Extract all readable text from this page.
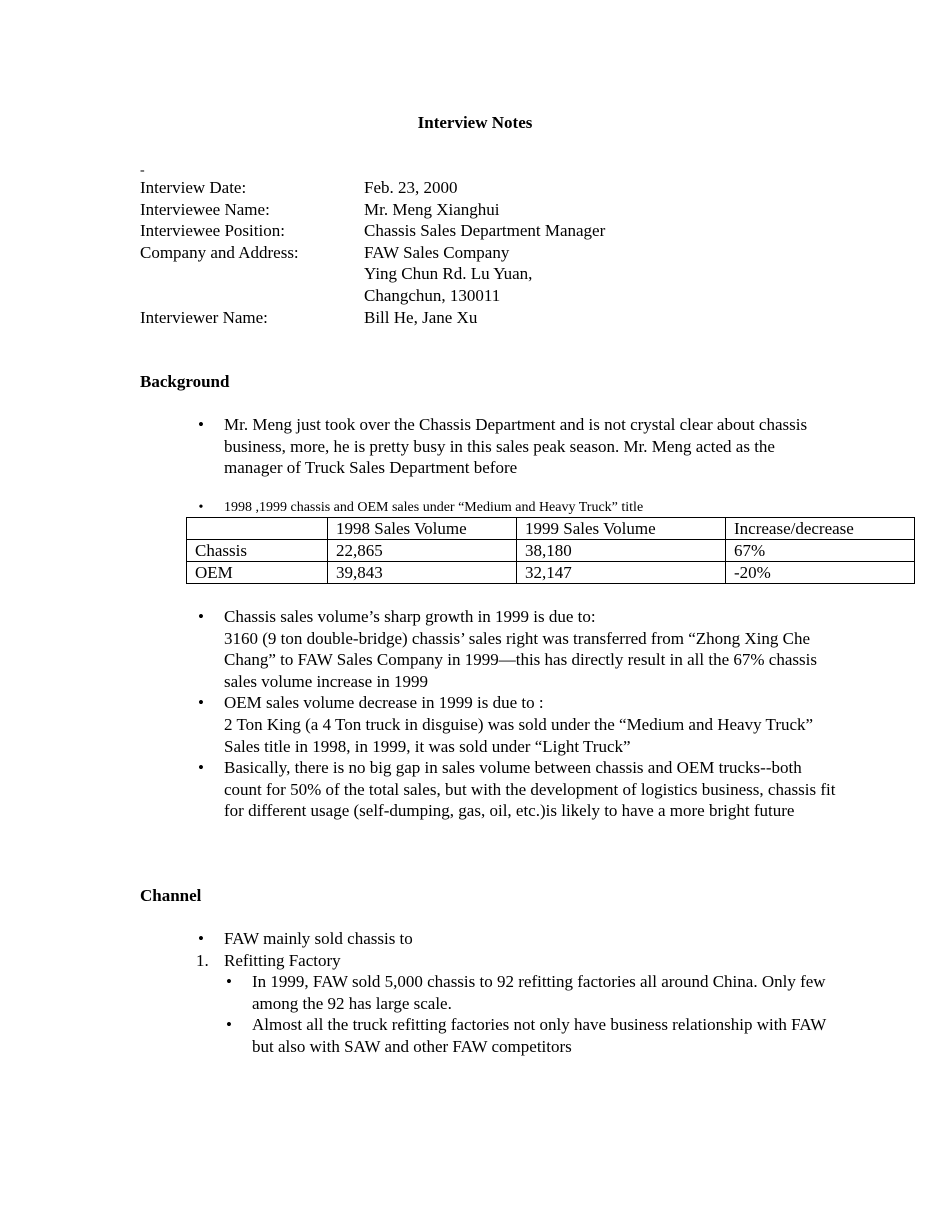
Interview Notes
-
Interview Date:	Feb. 23, 2000
Interviewee Name:	Mr. Meng Xianghui
Interviewee Position:	Chassis Sales Department Manager
Company and Address:	FAW Sales Company
Ying Chun Rd. Lu Yuan,
Changchun, 130011
Interviewer Name:	Bill He, Jane Xu
Background
• Mr. Meng just took over the Chassis Department and is not crystal clear about chassis business, more, he is pretty busy in this sales peak season. Mr. Meng acted as the manager of Truck Sales Department before
• 1998 ,1999 chassis and OEM sales under “Medium and Heavy Truck” title
	1998 Sales Volume	1999 Sales Volume	Increase/decrease
Chassis	22,865	38,180	67%
OEM	39,843	32,147	-20%
• Chassis sales volume’s sharp growth in 1999 is due to:
3160 (9 ton double-bridge) chassis’ sales right was transferred from “Zhong Xing Che Chang” to FAW Sales Company in 1999—this has directly result in all the 67% chassis sales volume increase in 1999
• OEM sales volume decrease in 1999 is due to :
2 Ton King (a 4 Ton truck in disguise) was sold under the “Medium and Heavy Truck” Sales title in 1998, in 1999, it was sold under “Light Truck”
• Basically, there is no big gap in sales volume between chassis and OEM trucks--both count for 50% of the total sales, but with the development of logistics business, chassis fit for different usage (self-dumping, gas, oil, etc.)is likely to have a more bright future
Channel
• FAW mainly sold chassis to
1. Refitting Factory
• In 1999, FAW sold 5,000 chassis to 92 refitting factories all around China. Only few among the 92 has large scale.
• Almost all the truck refitting factories not only have business relationship with FAW but also with SAW and other FAW competitors
